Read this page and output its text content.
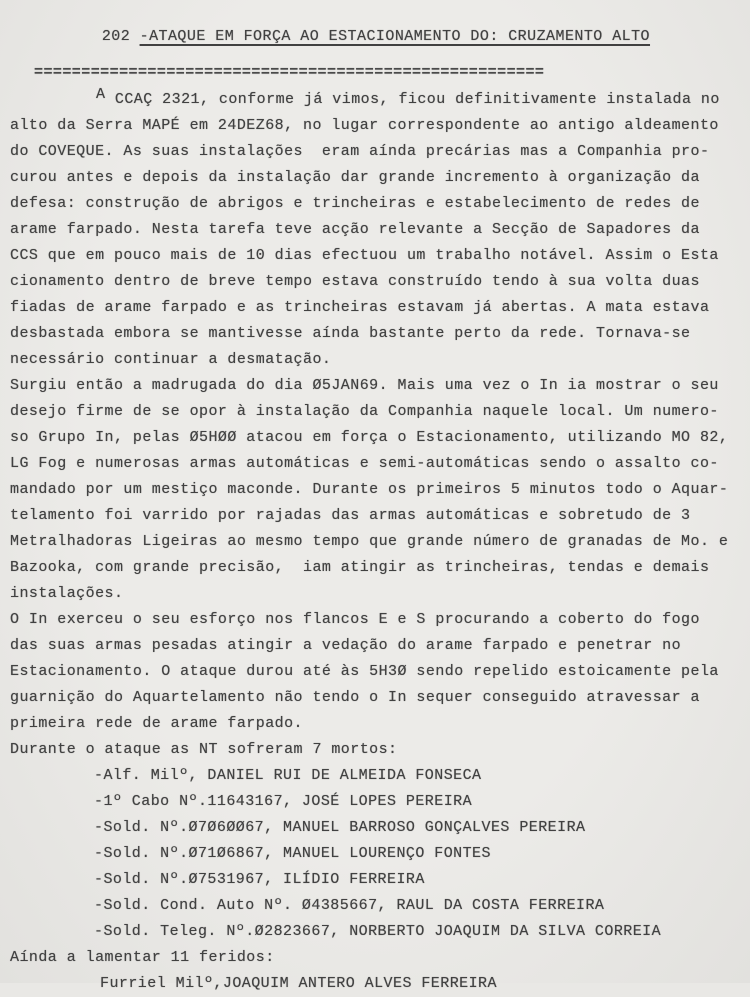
202 -ATAQUE EM FORÇA AO ESTACIONAMENTO DO: CRUZAMENTO ALTO

======================================================
A CCAÇ 2321, conforme já vimos, ficou definitivamente instalada no
alto da Serra MAPÉ em 24DEZ68, no lugar correspondente ao antigo aldeamento
do COVEQUE. As suas instalações  eram aínda precárias mas a Companhia pro-
curou antes e depois da instalação dar grande incremento à organização da
defesa: construção de abrigos e trincheiras e estabelecimento de redes de
arame farpado. Nesta tarefa teve acção relevante a Secção de Sapadores da
CCS que em pouco mais de 10 dias efectuou um trabalho notável. Assim o Esta
cionamento dentro de breve tempo estava construído tendo à sua volta duas
fiadas de arame farpado e as trincheiras estavam já abertas. A mata estava
desbastada embora se mantivesse aínda bastante perto da rede. Tornava-se
necessário continuar a desmatação.
Surgiu então a madrugada do dia Ø5JAN69. Mais uma vez o In ia mostrar o seu
desejo firme de se opor à instalação da Companhia naquele local. Um numero-
so Grupo In, pelas Ø5HØØ atacou em força o Estacionamento, utilizando MO 82,
LG Fog e numerosas armas automáticas e semi-automáticas sendo o assalto co-
mandado por um mestiço maconde. Durante os primeiros 5 minutos todo o Aquar-
telamento foi varrido por rajadas das armas automáticas e sobretudo de 3
Metralhadoras Ligeiras ao mesmo tempo que grande número de granadas de Mo. e
Bazooka, com grande precisão,  iam atingir as trincheiras, tendas e demais
instalações.
O In exerceu o seu esforço nos flancos E e S procurando a coberto do fogo
das suas armas pesadas atingir a vedação do arame farpado e penetrar no
Estacionamento. O ataque durou até às 5H3Ø sendo repelido estoicamente pela
guarnição do Aquartelamento não tendo o In sequer conseguido atravessar a
primeira rede de arame farpado.
Durante o ataque as NT sofreram 7 mortos:
-Alf. Milº, DANIEL RUI DE ALMEIDA FONSECA
-1º Cabo Nº.11643167, JOSÉ LOPES PEREIRA
-Sold. Nº.Ø7Ø6ØØ67, MANUEL BARROSO GONÇALVES PEREIRA
-Sold. Nº.Ø71Ø6867, MANUEL LOURENÇO FONTES
-Sold. Nº.Ø7531967, ILÍDIO FERREIRA
-Sold. Cond. Auto Nº. Ø4385667, RAUL DA COSTA FERREIRA
-Sold. Teleg. Nº.Ø2823667, NORBERTO JOAQUIM DA SILVA CORREIA
Aínda a lamentar 11 feridos:
Furriel Milº,JOAQUIM ANTERO ALVES FERREIRA
